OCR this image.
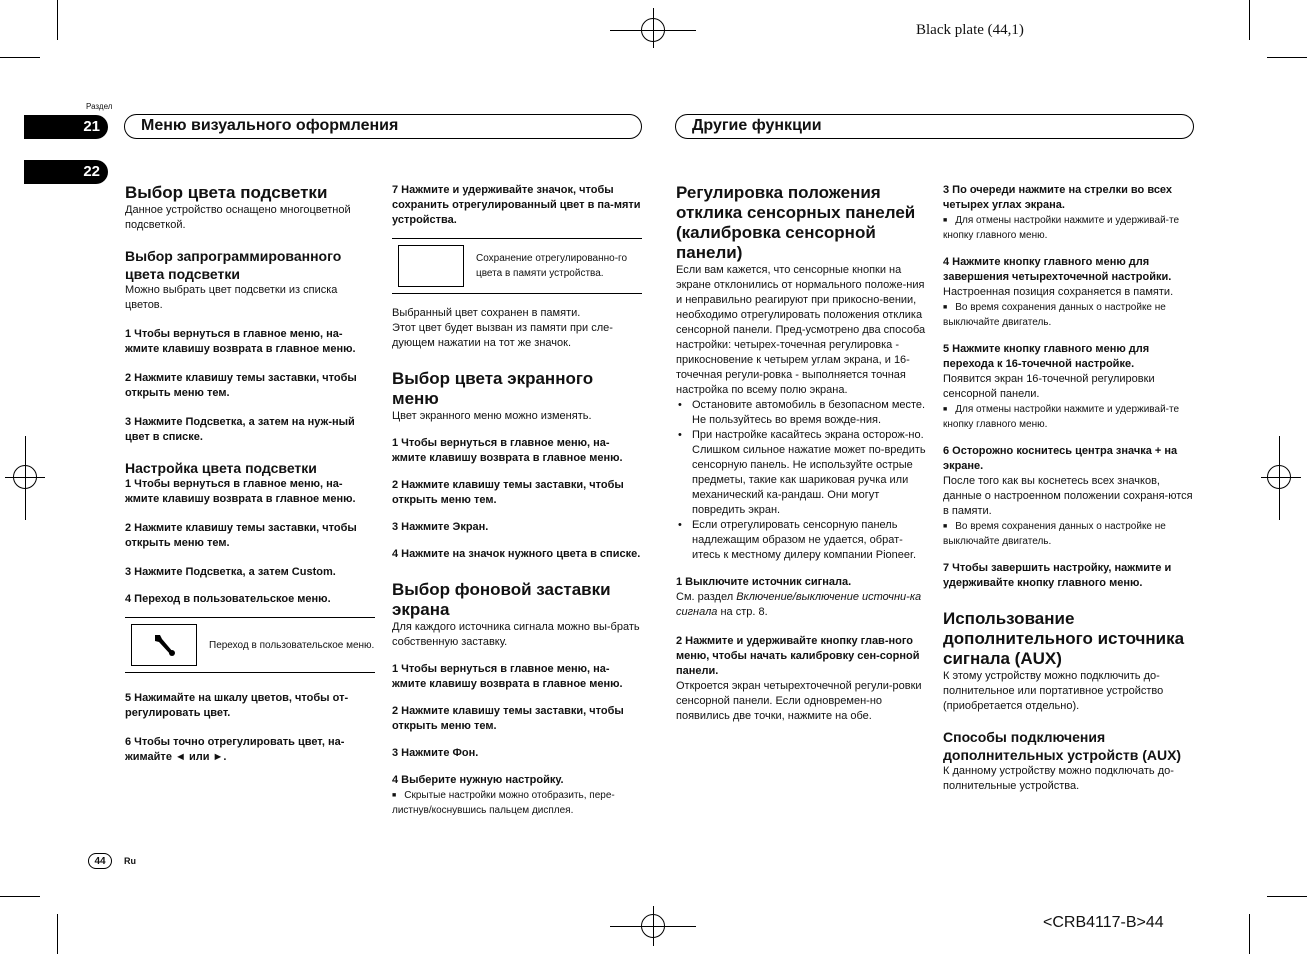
Black plate (44,1)
<CRB4117-B>44
Раздел
21
22
Меню визуального оформления	Другие функции

Выбор цвета подсветки

Данное устройство оснащено многоцветной подсветкой.

Выбор запрограммированного цвета подсветки

Можно выбрать цвет подсветки из списка цветов.

1 Чтобы вернуться в главное меню, на-жмите клавишу возврата в главное меню.

2 Нажмите клавишу темы заставки, чтобы открыть меню тем.

3 Нажмите Подсветка, а затем на нуж-ный цвет в списке.

Настройка цвета подсветки

1 Чтобы вернуться в главное меню, на-жмите клавишу возврата в главное меню.

2 Нажмите клавишу темы заставки, чтобы открыть меню тем.

3 Нажмите Подсветка, а затем Custom.

4 Переход в пользовательское меню.

Переход в пользовательское меню.

5 Нажимайте на шкалу цветов, чтобы от-регулировать цвет.

6 Чтобы точно отрегулировать цвет, на-жимайте ◄ или ►.

7 Нажмите и удерживайте значок, чтобы сохранить отрегулированный цвет в па-мяти устройства.

Сохранение отрегулированно-го цвета в памяти устройства.

Выбранный цвет сохранен в памяти.

Этот цвет будет вызван из памяти при сле-дующем нажатии на тот же значок.

Выбор цвета экранного меню

Цвет экранного меню можно изменять.

1 Чтобы вернуться в главное меню, на-жмите клавишу возврата в главное меню.

2 Нажмите клавишу темы заставки, чтобы открыть меню тем.

3 Нажмите Экран.

4 Нажмите на значок нужного цвета в списке.

Выбор фоновой заставки экрана

Для каждого источника сигнала можно вы-брать собственную заставку.

1 Чтобы вернуться в главное меню, на-жмите клавишу возврата в главное меню.

2 Нажмите клавишу темы заставки, чтобы открыть меню тем.

3 Нажмите Фон.

4 Выберите нужную настройку.

■ Скрытые настройки можно отобразить, пере-листнув/коснувшись пальцем дисплея.

Регулировка положения отклика сенсорных панелей (калибровка сенсорной панели)

Если вам кажется, что сенсорные кнопки на экране отклонились от нормального положе-ния и неправильно реагируют при прикосно-вении, необходимо отрегулировать положения отклика сенсорной панели. Пред-усмотрено два способа настройки: четырех-точечная регулировка - прикосновение к четырем углам экрана, и 16-точечная регули-ровка - выполняется точная настройка по всему полю экрана.

• Остановите автомобиль в безопасном месте. Не пользуйтесь во время вожде-ния.

• При настройке касайтесь экрана осторож-но. Слишком сильное нажатие может по-вредить сенсорную панель. Не используйте острые предметы, такие как шариковая ручка или механический ка-рандаш. Они могут повредить экран.

• Если отрегулировать сенсорную панель надлежащим образом не удается, обрат-итесь к местному дилеру компании Pioneer.

1 Выключите источник сигнала.

См. раздел Включение/выключение источни-ка сигнала на стр. 8.

2 Нажмите и удерживайте кнопку глав-ного меню, чтобы начать калибровку сен-сорной панели.

Откроется экран четырехточечной регули-ровки сенсорной панели. Если одновремен-но появились две точки, нажмите на обе.

3 По очереди нажмите на стрелки во всех четырех углах экрана.

■ Для отмены настройки нажмите и удерживай-те кнопку главного меню.

4 Нажмите кнопку главного меню для завершения четырехточечной настройки.

Настроенная позиция сохраняется в памяти.

■ Во время сохранения данных о настройке не выключайте двигатель.

5 Нажмите кнопку главного меню для перехода к 16-точечной настройке.

Появится экран 16-точечной регулировки сенсорной панели.

■ Для отмены настройки нажмите и удерживай-те кнопку главного меню.

6 Осторожно коснитесь центра значка + на экране.

После того как вы коснетесь всех значков, данные о настроенном положении сохраня-ются в памяти.

■ Во время сохранения данных о настройке не выключайте двигатель.

7 Чтобы завершить настройку, нажмите и удерживайте кнопку главного меню.

Использование дополнительного источника сигнала (AUX)

К этому устройству можно подключить до-полнительное или портативное устройство (приобретается отдельно).

Способы подключения дополнительных устройств (AUX)

К данному устройству можно подключать до-полнительные устройства.

44	Ru
